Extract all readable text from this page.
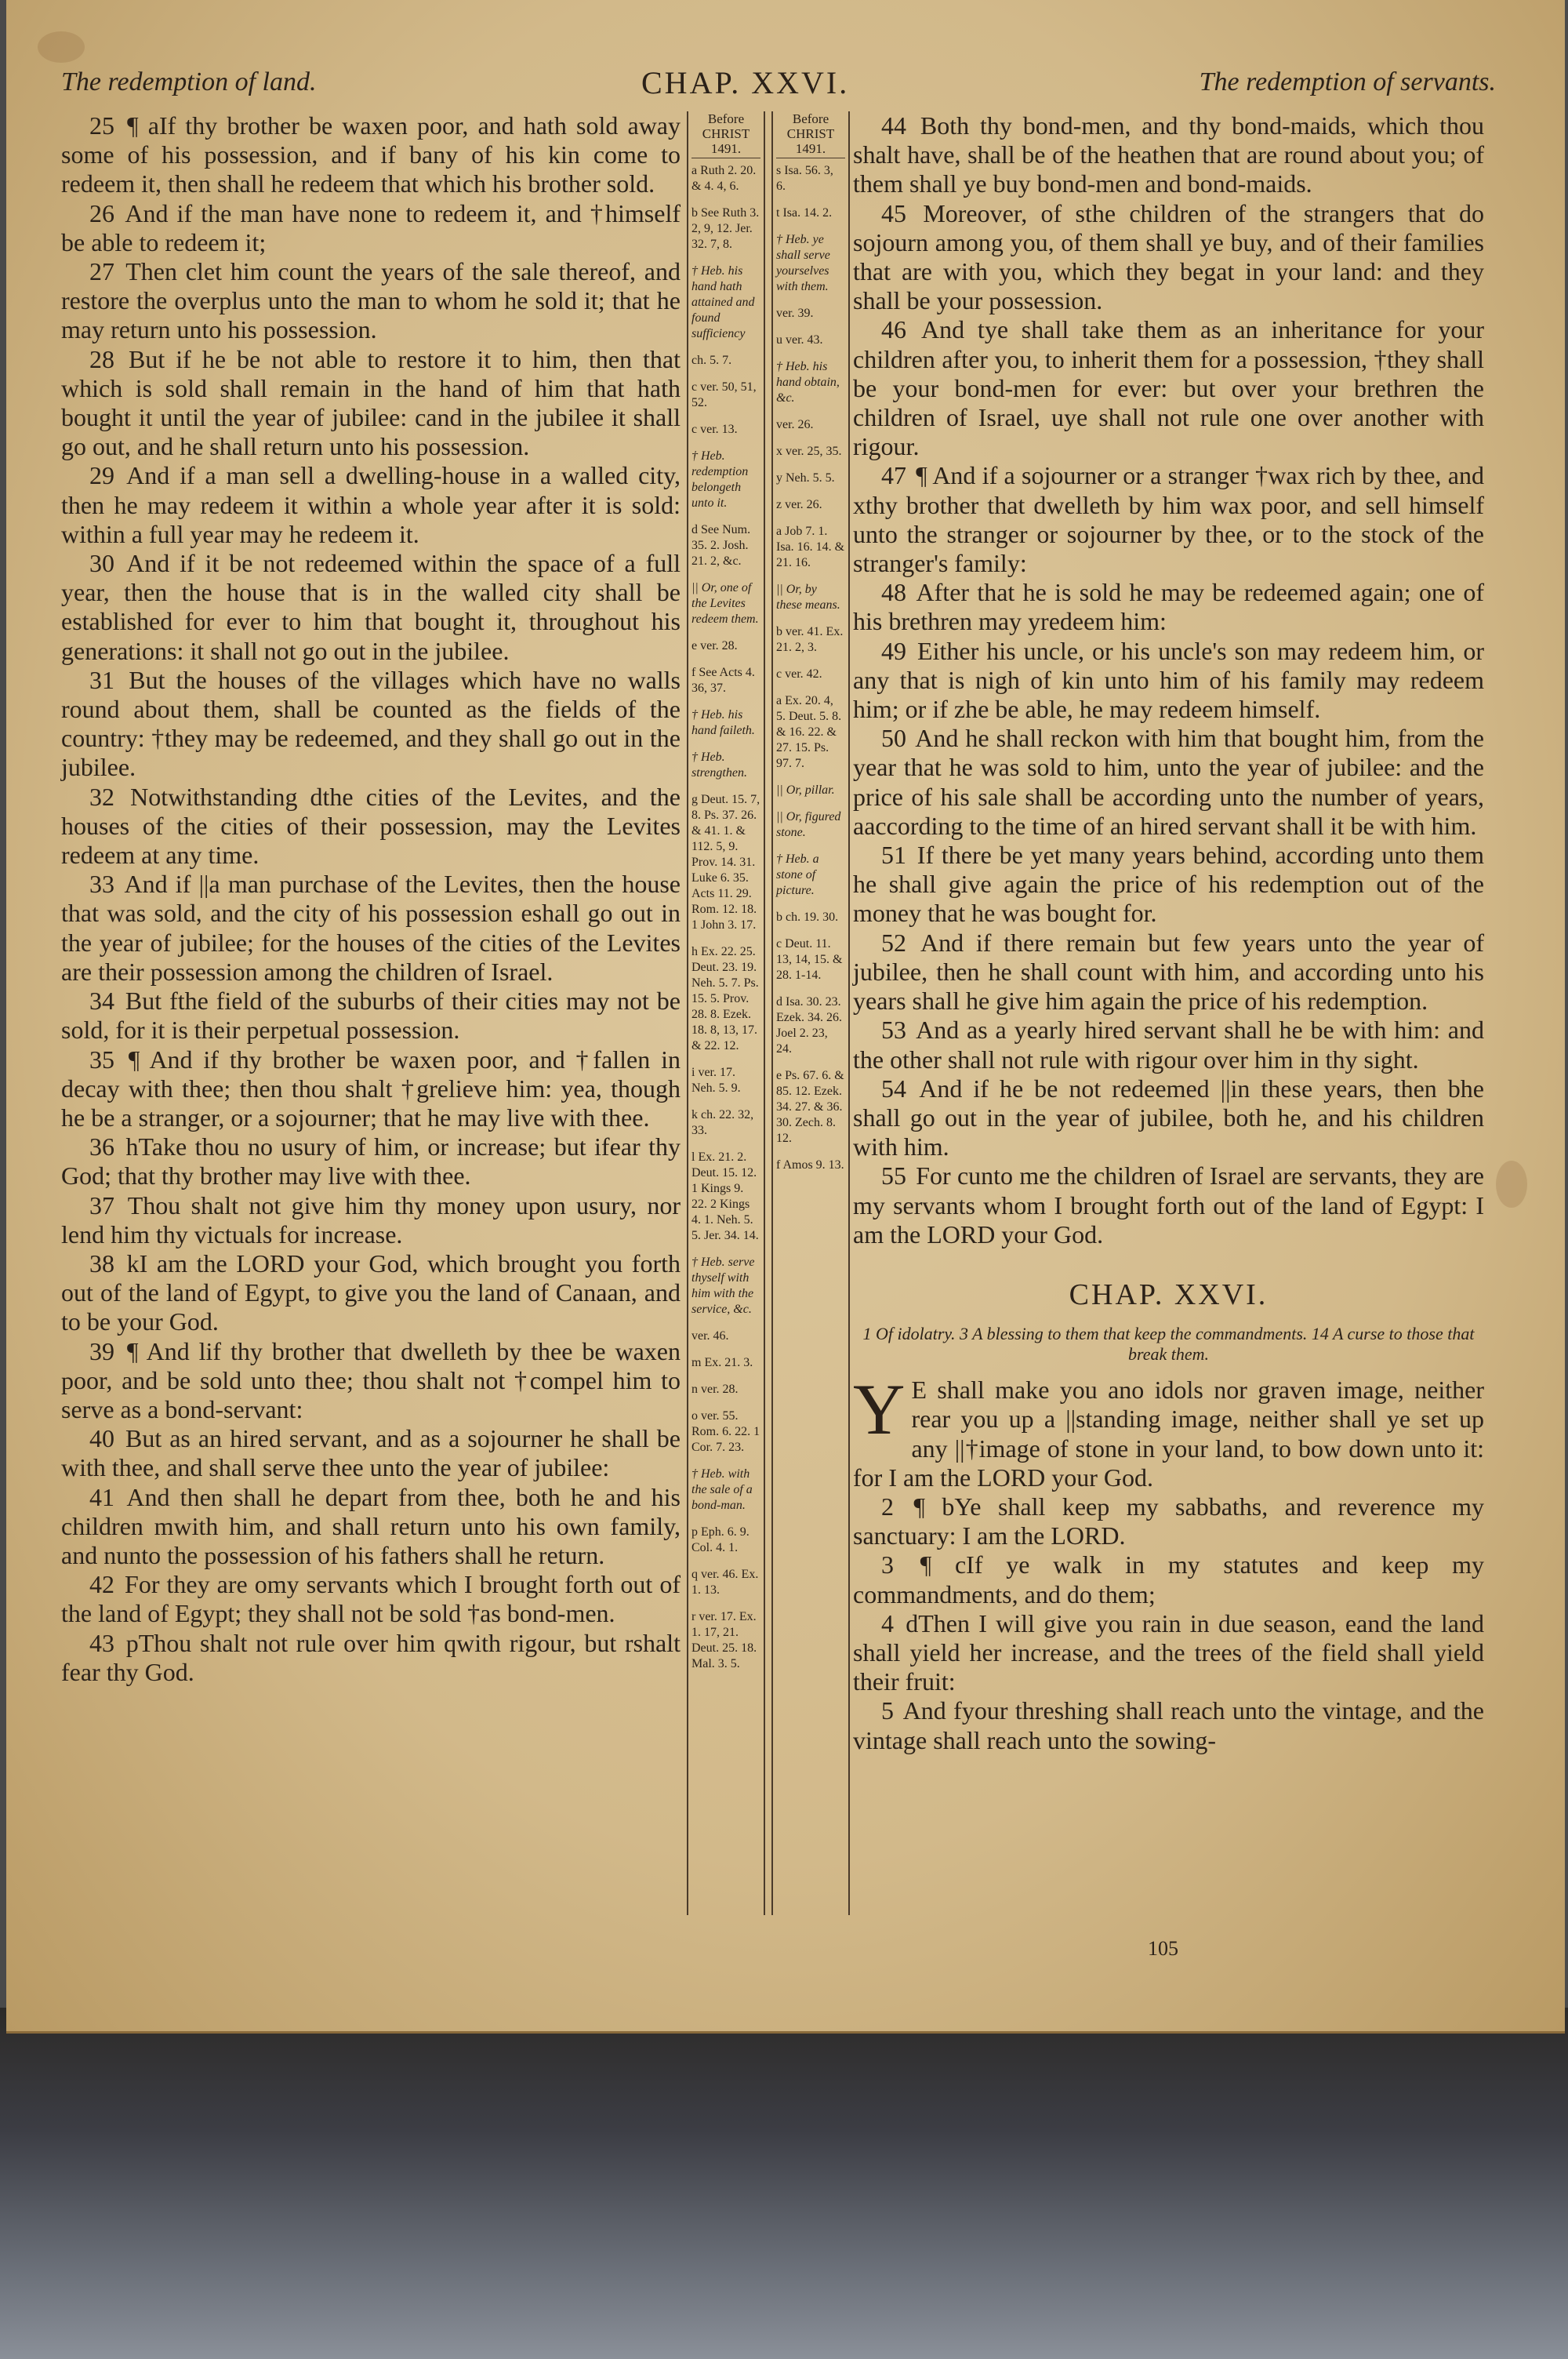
The redemption of land.	CHAP. XXVI.	The redemption of servants.

25 ¶ aIf thy brother be waxen poor, and hath sold away some of his possession, and if bany of his kin come to redeem it, then shall he redeem that which his brother sold.

26 And if the man have none to redeem it, and †himself be able to redeem it;

27 Then clet him count the years of the sale thereof, and restore the overplus unto the man to whom he sold it; that he may return unto his possession.

28 But if he be not able to restore it to him, then that which is sold shall remain in the hand of him that hath bought it until the year of jubilee: cand in the jubilee it shall go out, and he shall return unto his possession.

29 And if a man sell a dwelling-house in a walled city, then he may redeem it within a whole year after it is sold: within a full year may he redeem it.

30 And if it be not redeemed within the space of a full year, then the house that is in the walled city shall be established for ever to him that bought it, throughout his generations: it shall not go out in the jubilee.

31 But the houses of the villages which have no walls round about them, shall be counted as the fields of the country: †they may be redeemed, and they shall go out in the jubilee.

32 Notwithstanding dthe cities of the Levites, and the houses of the cities of their possession, may the Levites redeem at any time.

33 And if ||a man purchase of the Levites, then the house that was sold, and the city of his possession eshall go out in the year of jubilee; for the houses of the cities of the Levites are their possession among the children of Israel.

34 But fthe field of the suburbs of their cities may not be sold, for it is their perpetual possession.

35 ¶ And if thy brother be waxen poor, and †fallen in decay with thee; then thou shalt †grelieve him: yea, though he be a stranger, or a sojourner; that he may live with thee.

36 hTake thou no usury of him, or increase; but ifear thy God; that thy brother may live with thee.

37 Thou shalt not give him thy money upon usury, nor lend him thy victuals for increase.

38 kI am the LORD your God, which brought you forth out of the land of Egypt, to give you the land of Canaan, and to be your God.

39 ¶ And lif thy brother that dwelleth by thee be waxen poor, and be sold unto thee; thou shalt not †compel him to serve as a bond-servant:

40 But as an hired servant, and as a sojourner he shall be with thee, and shall serve thee unto the year of jubilee:

41 And then shall he depart from thee, both he and his children mwith him, and shall return unto his own family, and nunto the possession of his fathers shall he return.

42 For they are omy servants which I brought forth out of the land of Egypt; they shall not be sold †as bond-men.

43 pThou shalt not rule over him qwith rigour, but rshalt fear thy God.

Before CHRIST 1491.
a Ruth 2. 20. & 4. 4, 6.
b See Ruth 3. 2, 9, 12. Jer. 32. 7, 8.
† Heb. his hand hath attained and found sufficiency
ch. 5. 7.
c ver. 50, 51, 52.
c ver. 13.
† Heb. redemption belongeth unto it.
d See Num. 35. 2. Josh. 21. 2, &c.
|| Or, one of the Levites redeem them.
e ver. 28.
f See Acts 4. 36, 37.
† Heb. his hand faileth.
† Heb. strengthen.
g Deut. 15. 7, 8. Ps. 37. 26. & 41. 1. & 112. 5, 9. Prov. 14. 31. Luke 6. 35. Acts 11. 29. Rom. 12. 18. 1 John 3. 17.
h Ex. 22. 25. Deut. 23. 19. Neh. 5. 7. Ps. 15. 5. Prov. 28. 8. Ezek. 18. 8, 13, 17. & 22. 12.
i ver. 17. Neh. 5. 9.
k ch. 22. 32, 33.
l Ex. 21. 2. Deut. 15. 12. 1 Kings 9. 22. 2 Kings 4. 1. Neh. 5. 5. Jer. 34. 14.
† Heb. serve thyself with him with the service, &c.
ver. 46.
m Ex. 21. 3.
n ver. 28.
o ver. 55. Rom. 6. 22. 1 Cor. 7. 23.
† Heb. with the sale of a bond-man.
p Eph. 6. 9. Col. 4. 1.
q ver. 46. Ex. 1. 13.
r ver. 17. Ex. 1. 17, 21. Deut. 25. 18. Mal. 3. 5.
Before CHRIST 1491.
s Isa. 56. 3, 6.
t Isa. 14. 2.
† Heb. ye shall serve yourselves with them.
ver. 39.
u ver. 43.
† Heb. his hand obtain, &c.
ver. 26.
x ver. 25, 35.
y Neh. 5. 5.
z ver. 26.
a Job 7. 1. Isa. 16. 14. & 21. 16.
|| Or, by these means.
b ver. 41. Ex. 21. 2, 3.
c ver. 42.
a Ex. 20. 4, 5. Deut. 5. 8. & 16. 22. & 27. 15. Ps. 97. 7.
|| Or, pillar.
|| Or, figured stone.
† Heb. a stone of picture.
b ch. 19. 30.
c Deut. 11. 13, 14, 15. & 28. 1-14.
d Isa. 30. 23. Ezek. 34. 26. Joel 2. 23, 24.
e Ps. 67. 6. & 85. 12. Ezek. 34. 27. & 36. 30. Zech. 8. 12.
f Amos 9. 13.

44 Both thy bond-men, and thy bond-maids, which thou shalt have, shall be of the heathen that are round about you; of them shall ye buy bond-men and bond-maids.

45 Moreover, of sthe children of the strangers that do sojourn among you, of them shall ye buy, and of their families that are with you, which they begat in your land: and they shall be your possession.

46 And tye shall take them as an inheritance for your children after you, to inherit them for a possession, †they shall be your bond-men for ever: but over your brethren the children of Israel, uye shall not rule one over another with rigour.

47 ¶ And if a sojourner or a stranger †wax rich by thee, and xthy brother that dwelleth by him wax poor, and sell himself unto the stranger or sojourner by thee, or to the stock of the stranger's family:

48 After that he is sold he may be redeemed again; one of his brethren may yredeem him:

49 Either his uncle, or his uncle's son may redeem him, or any that is nigh of kin unto him of his family may redeem him; or if zhe be able, he may redeem himself.

50 And he shall reckon with him that bought him, from the year that he was sold to him, unto the year of jubilee: and the price of his sale shall be according unto the number of years, aaccording to the time of an hired servant shall it be with him.

51 If there be yet many years behind, according unto them he shall give again the price of his redemption out of the money that he was bought for.

52 And if there remain but few years unto the year of jubilee, then he shall count with him, and according unto his years shall he give him again the price of his redemption.

53 And as a yearly hired servant shall he be with him: and the other shall not rule with rigour over him in thy sight.

54 And if he be not redeemed ||in these years, then bhe shall go out in the year of jubilee, both he, and his children with him.

55 For cunto me the children of Israel are servants, they are my servants whom I brought forth out of the land of Egypt: I am the LORD your God.

CHAP. XXVI.

1 Of idolatry. 3 A blessing to them that keep the commandments. 14 A curse to those that break them.

Y E shall make you ano idols nor graven image, neither rear you up a ||standing image, neither shall ye set up any ||†image of stone in your land, to bow down unto it: for I am the LORD your God.

2 ¶ bYe shall keep my sabbaths, and reverence my sanctuary: I am the LORD.

3 ¶ cIf ye walk in my statutes and keep my commandments, and do them;

4 dThen I will give you rain in due season, eand the land shall yield her increase, and the trees of the field shall yield their fruit:

5 And fyour threshing shall reach unto the vintage, and the vintage shall reach unto the sowing-

105
